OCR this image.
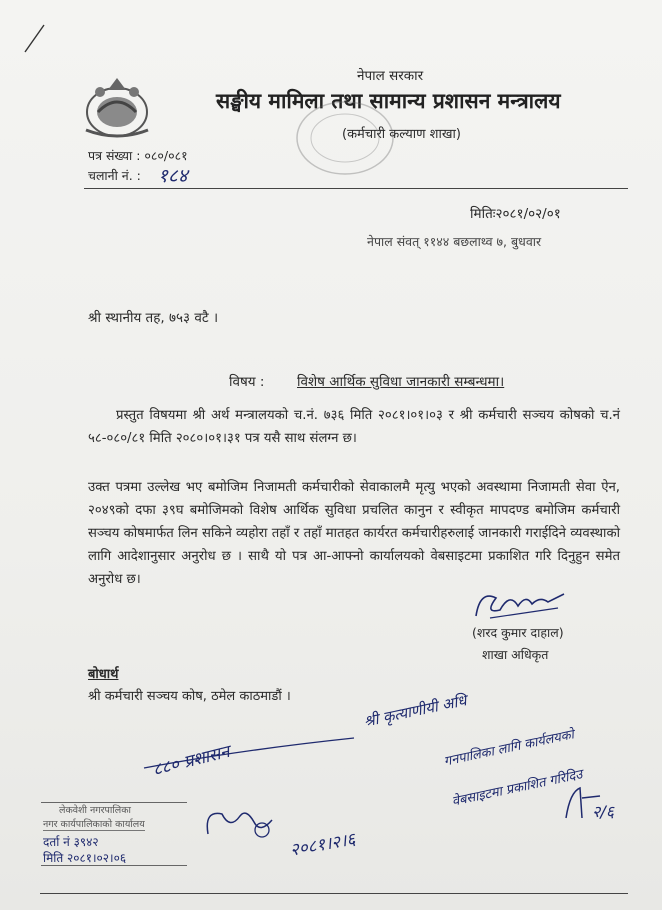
नेपाल सरकार
सङ्घीय मामिला तथा सामान्य प्रशासन मन्त्रालय
(कर्मचारी कल्याण शाखा)
पत्र संख्या : ०८०/०८१
चलानी नं. : १८४
मितिः२०८१/०२/०१
नेपाल संवत् ११४४ बछलाथ्व ७, बुधवार
श्री स्थानीय तह, ७५३ वटै ।
विषय : विशेष आर्थिक सुविधा जानकारी सम्बन्धमा।
प्रस्तुत विषयमा श्री अर्थ मन्त्रालयको च.नं. ७३६ मिति २०८१।०१।०३ र श्री कर्मचारी सञ्चय कोषको च.नं ५८-०८०/८१ मिति २०८०।०१।३१ पत्र यसै साथ संलग्न छ।
उक्त पत्रमा उल्लेख भए बमोजिम निजामती कर्मचारीको सेवाकालमै मृत्यु भएको अवस्थामा निजामती सेवा ऐन, २०४९को दफा ३९घ बमोजिमको विशेष आर्थिक सुविधा प्रचलित कानुन र स्वीकृत मापदण्ड बमोजिम कर्मचारी सञ्चय कोषमार्फत लिन सकिने व्यहोरा तहाँ र तहाँ मातहत कार्यरत कर्मचारीहरुलाई जानकारी गराईदिने व्यवस्थाको लागि आदेशानुसार अनुरोध छ । साथै यो पत्र आ-आफ्नो कार्यालयको वेबसाइटमा प्रकाशित गरि दिनुहुन समेत अनुरोध छ।
(शरद कुमार दाहाल)
शाखा अधिकृत
बोधार्थ
श्री कर्मचारी सञ्चय कोष, ठमेल काठमाडौं ।	श्री कृत्याणीयी अधि
गनपालिका लागि कार्यलयको
वेबसाइटमा प्रकाशित गरिदिउ
८८० प्रशासन
२०८१।२।६
२/६
लेकवेशी नगरपालिका
नगर कार्यपालिकाको कार्यालय
दर्ता नं ३९४२
मिति २०८१।०२।०६
